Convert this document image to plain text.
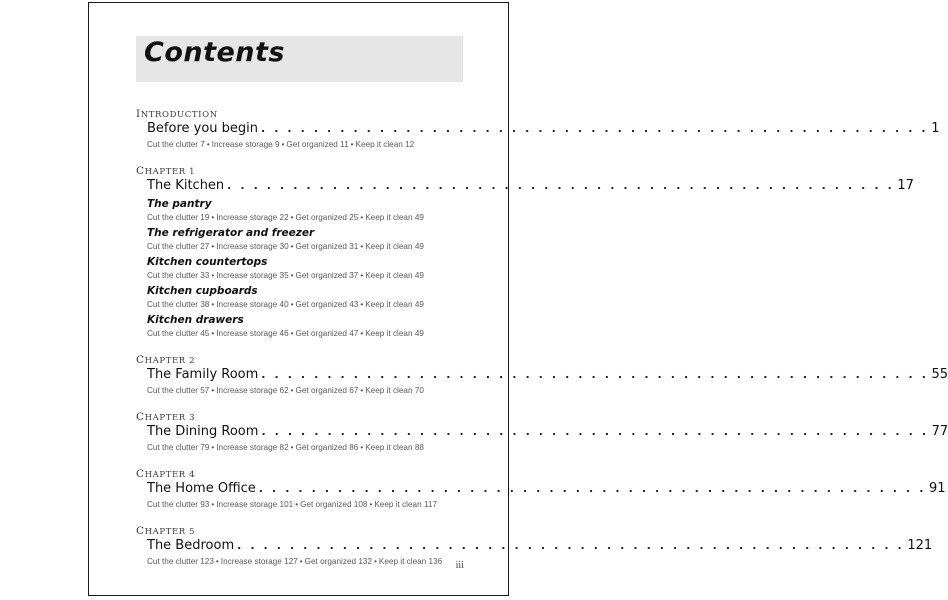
Contents
INTRODUCTION
Before you begin . . . . . . . . . . . . . . . . . . . . . . . . . . . . . . . . . . . . . . . . . . . . . . . . . . . 1
Cut the clutter 7 • Increase storage 9 • Get organized 11 • Keep it clean 12
CHAPTER 1
The Kitchen . . . . . . . . . . . . . . . . . . . . . . . . . . . . . . . . . . . . . . . . . . . . . . . . . . . 17
The pantry
Cut the clutter 19 • Increase storage 22 • Get organized 25 • Keep it clean 49
The refrigerator and freezer
Cut the clutter 27 • Increase storage 30 • Get organized 31 • Keep it clean 49
Kitchen countertops
Cut the clutter 33 • Increase storage 35 • Get organized 37 • Keep it clean 49
Kitchen cupboards
Cut the clutter 38 • Increase storage 40 • Get organized 43 • Keep it clean 49
Kitchen drawers
Cut the clutter 45 • Increase storage 46 • Get organized 47 • Keep it clean 49
CHAPTER 2
The Family Room . . . . . . . . . . . . . . . . . . . . . . . . . . . . . . . . . . . . . . . . . . . . . . . . . . . 55
Cut the clutter 57 • Increase storage 62 • Get organized 67 • Keep it clean 70
CHAPTER 3
The Dining Room . . . . . . . . . . . . . . . . . . . . . . . . . . . . . . . . . . . . . . . . . . . . . . . . . . . 77
Cut the clutter 79 • Increase storage 82 • Get organized 86 • Keep it clean 88
CHAPTER 4
The Home Office . . . . . . . . . . . . . . . . . . . . . . . . . . . . . . . . . . . . . . . . . . . . . . . . . . . 91
Cut the clutter 93 • Increase storage 101 • Get organized 108 • Keep it clean 117
CHAPTER 5
The Bedroom . . . . . . . . . . . . . . . . . . . . . . . . . . . . . . . . . . . . . . . . . . . . . . . . . . . 121
Cut the clutter 123 • Increase storage 127 • Get organized 132 • Keep it clean 136	iii
